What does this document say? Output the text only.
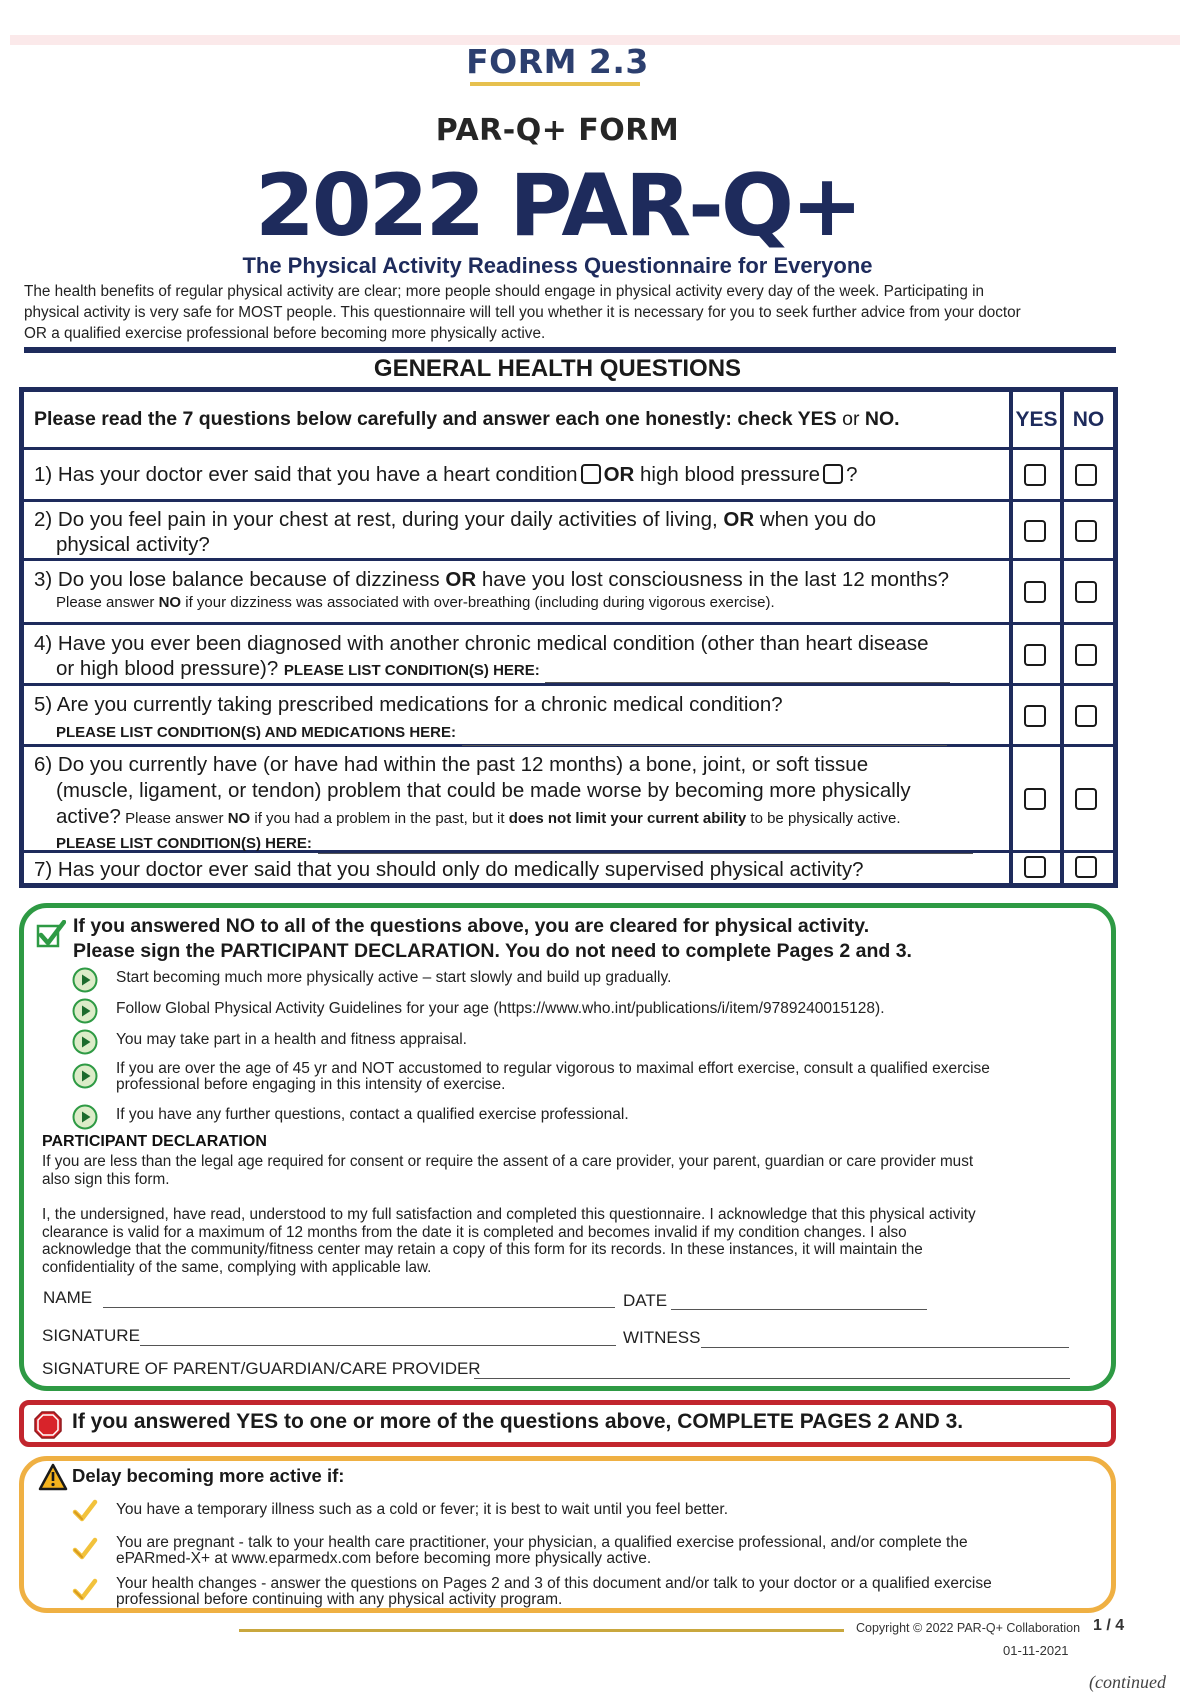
FORM 2.3
PAR-Q+ FORM
2022 PAR-Q+
The Physical Activity Readiness Questionnaire for Everyone
The health benefits of regular physical activity are clear; more people should engage in physical activity every day of the week. Participating in
physical activity is very safe for MOST people. This questionnaire will tell you whether it is necessary for you to seek further advice from your doctor
OR a qualified exercise professional before becoming more physically active.
GENERAL HEALTH QUESTIONS
Please read the 7 questions below carefully and answer each one honestly: check YES or NO.	YES NO
1) Has your doctor ever said that you have a heart condition OR high blood pressure ?
2) Do you feel pain in your chest at rest, during your daily activities of living, OR when you do
physical activity?
3) Do you lose balance because of dizziness OR have you lost consciousness in the last 12 months?
Please answer NO if your dizziness was associated with over-breathing (including during vigorous exercise).
4) Have you ever been diagnosed with another chronic medical condition (other than heart disease
or high blood pressure)? PLEASE LIST CONDITION(S) HERE:
5) Are you currently taking prescribed medications for a chronic medical condition?
PLEASE LIST CONDITION(S) AND MEDICATIONS HERE:
6) Do you currently have (or have had within the past 12 months) a bone, joint, or soft tissue
(muscle, ligament, or tendon) problem that could be made worse by becoming more physically
active? Please answer NO if you had a problem in the past, but it does not limit your current ability to be physically active.
PLEASE LIST CONDITION(S) HERE:
7) Has your doctor ever said that you should only do medically supervised physical activity?
If you answered NO to all of the questions above, you are cleared for physical activity.
Please sign the PARTICIPANT DECLARATION. You do not need to complete Pages 2 and 3.
Start becoming much more physically active – start slowly and build up gradually.
Follow Global Physical Activity Guidelines for your age (https://www.who.int/publications/i/item/9789240015128).
You may take part in a health and fitness appraisal.
If you are over the age of 45 yr and NOT accustomed to regular vigorous to maximal effort exercise, consult a qualified exercise
professional before engaging in this intensity of exercise.
If you have any further questions, contact a qualified exercise professional.
PARTICIPANT DECLARATION
If you are less than the legal age required for consent or require the assent of a care provider, your parent, guardian or care provider must
also sign this form.
I, the undersigned, have read, understood to my full satisfaction and completed this questionnaire. I acknowledge that this physical activity
clearance is valid for a maximum of 12 months from the date it is completed and becomes invalid if my condition changes. I also
acknowledge that the community/fitness center may retain a copy of this form for its records. In these instances, it will maintain the
confidentiality of the same, complying with applicable law.
NAME	DATE
SIGNATURE	WITNESS
SIGNATURE OF PARENT/GUARDIAN/CARE PROVIDER
If you answered YES to one or more of the questions above, COMPLETE PAGES 2 AND 3.
Delay becoming more active if:
You have a temporary illness such as a cold or fever; it is best to wait until you feel better.
You are pregnant - talk to your health care practitioner, your physician, a qualified exercise professional, and/or complete the
ePARmed-X+ at www.eparmedx.com before becoming more physically active.
Your health changes - answer the questions on Pages 2 and 3 of this document and/or talk to your doctor or a qualified exercise
professional before continuing with any physical activity program.
Copyright © 2022 PAR-Q+ Collaboration 1 / 4
01-11-2021
(continued
